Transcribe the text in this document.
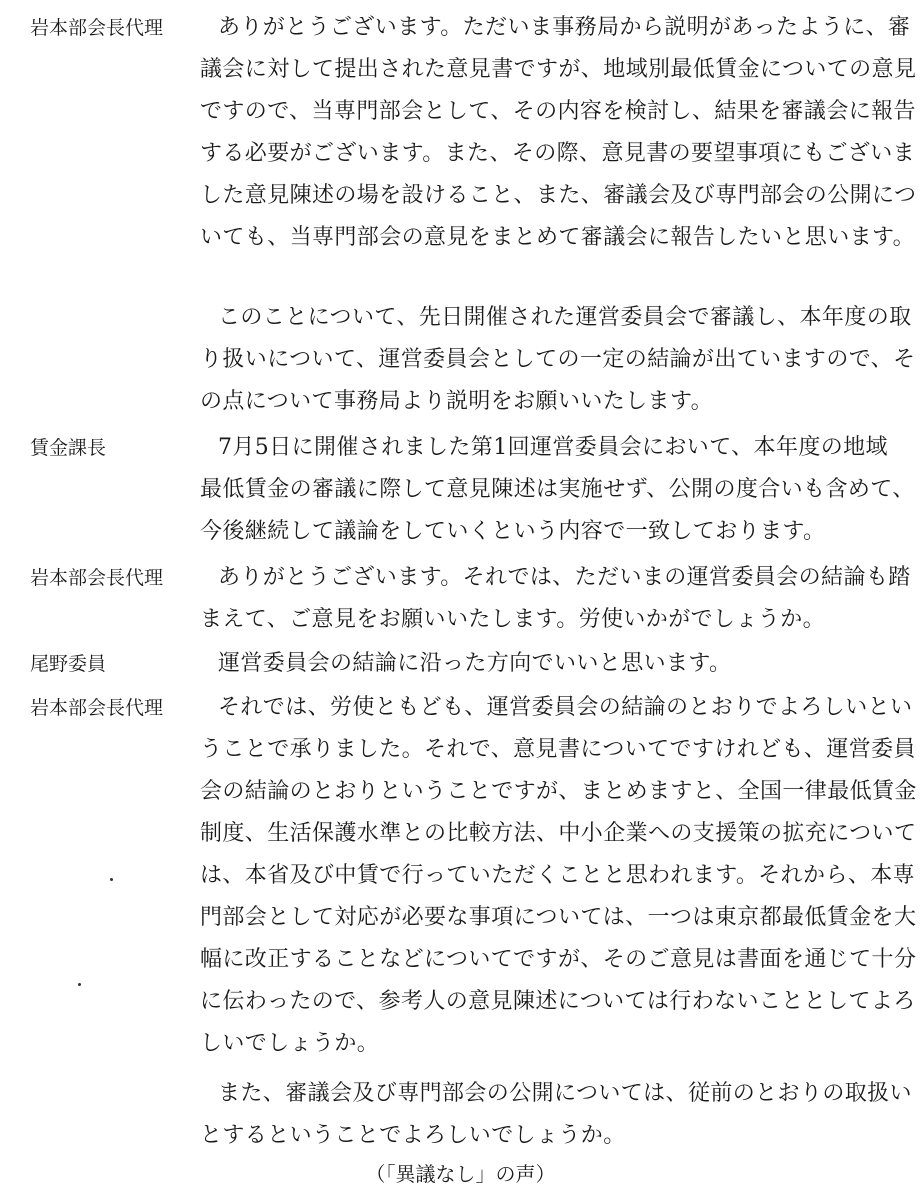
岩本部会長代理 ありがとうございます。ただいま事務局から説明があったように、審
議会に対して提出された意見書ですが、地域別最低賃金についての意見
ですので、当専門部会として、その内容を検討し、結果を審議会に報告
する必要がございます。また、その際、意見書の要望事項にもございま
した意見陳述の場を設けること、また、審議会及び専門部会の公開につ
いても、当専門部会の意見をまとめて審議会に報告したいと思います。
このことについて、先日開催された運営委員会で審議し、本年度の取
り扱いについて、運営委員会としての一定の結論が出ていますので、そ
の点について事務局より説明をお願いいたします。
賃金課長	7月5日に開催されました第1回運営委員会において、本年度の地域
最低賃金の審議に際して意見陳述は実施せず、公開の度合いも含めて、
今後継続して議論をしていくという内容で一致しております。
岩本部会長代理 ありがとうございます。それでは、ただいまの運営委員会の結論も踏
まえて、ご意見をお願いいたします。労使いかがでしょうか。
尾野委員	運営委員会の結論に沿った方向でいいと思います。
岩本部会長代理 それでは、労使ともども、運営委員会の結論のとおりでよろしいとい
うことで承りました。それで、意見書についてですけれども、運営委員
会の結論のとおりということですが、まとめますと、全国一律最低賃金
制度、生活保護水準との比較方法、中小企業への支援策の拡充について
は、本省及び中賃で行っていただくことと思われます。それから、本専
門部会として対応が必要な事項については、一つは東京都最低賃金を大
幅に改正することなどについてですが、そのご意見は書面を通じて十分
に伝わったので、参考人の意見陳述については行わないこととしてよろ
しいでしょうか。
また、審議会及び専門部会の公開については、従前のとおりの取扱い
とするということでよろしいでしょうか。
（「異議なし」の声）
